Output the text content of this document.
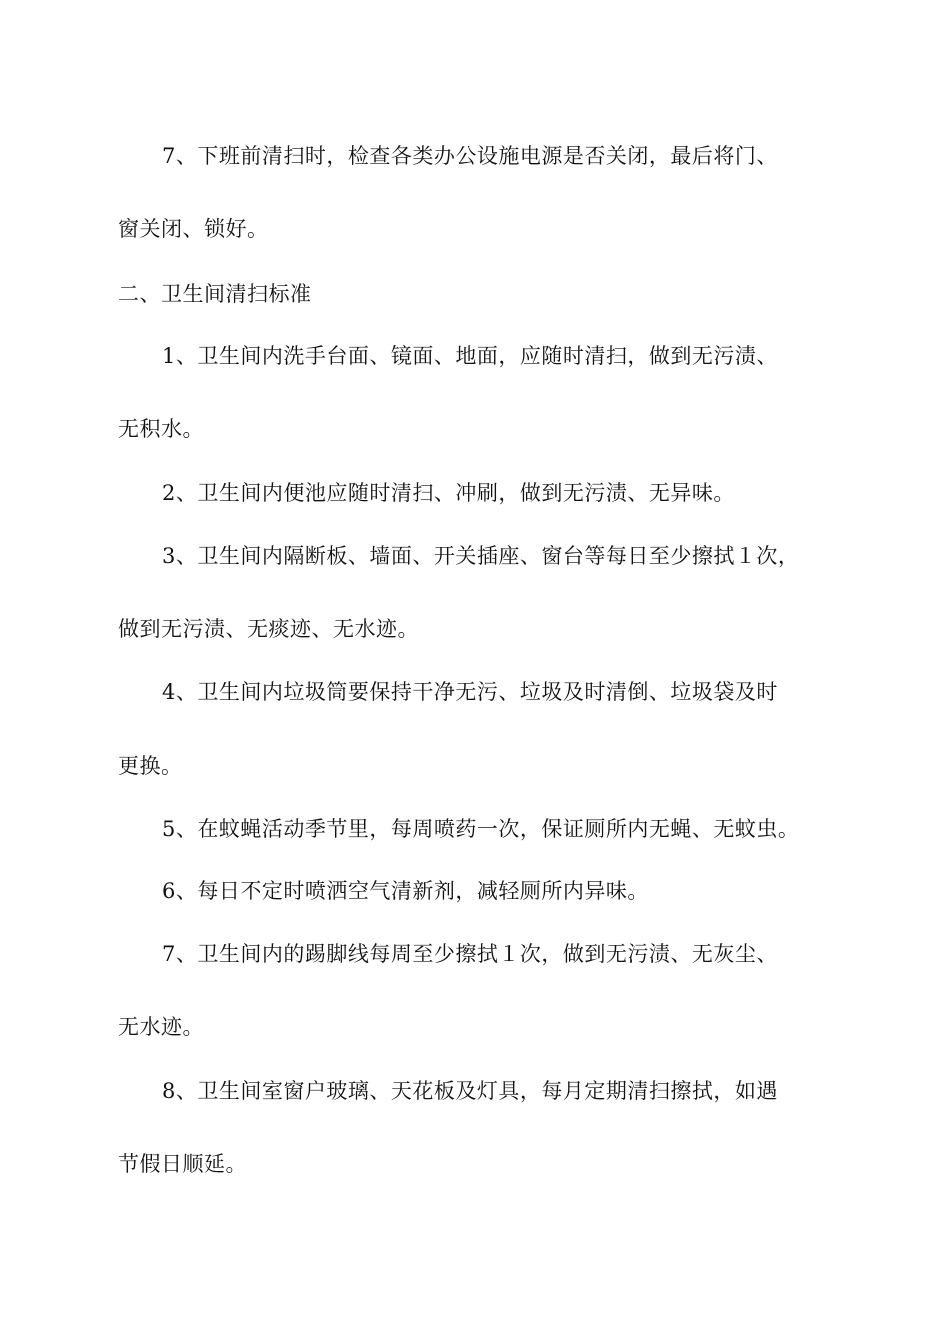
7、下班前清扫时，检查各类办公设施电源是否关闭，最后将门、
窗关闭、锁好。
二、卫生间清扫标准
1、卫生间内洗手台面、镜面、地面，应随时清扫，做到无污渍、
无积水。
2、卫生间内便池应随时清扫、冲刷，做到无污渍、无异味。
3、卫生间内隔断板、墙面、开关插座、窗台等每日至少擦拭１次，
做到无污渍、无痰迹、无水迹。
4、卫生间内垃圾筒要保持干净无污、垃圾及时清倒、垃圾袋及时
更换。
5、在蚊蝇活动季节里，每周喷药一次，保证厕所内无蝇、无蚊虫。
6、每日不定时喷洒空气清新剂，减轻厕所内异味。
7、卫生间内的踢脚线每周至少擦拭１次，做到无污渍、无灰尘、
无水迹。
8、卫生间室窗户玻璃、天花板及灯具，每月定期清扫擦拭，如遇
节假日顺延。
